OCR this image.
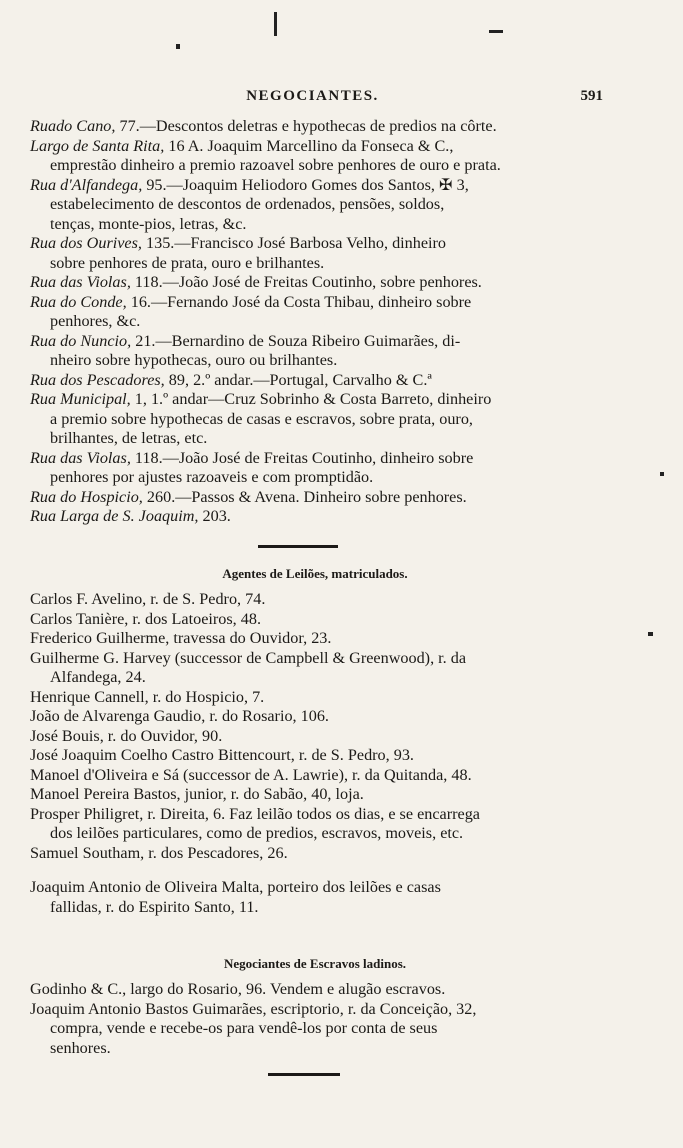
NEGOCIANTES.	591
Ruado Cano, 77.—Descontos deletras e hypothecas de predios na côrte.
Largo de Santa Rita, 16 A. Joaquim Marcellino da Fonseca & C.,
emprestão dinheiro a premio razoavel sobre penhores de ouro e prata.
Rua d'Alfandega, 95.—Joaquim Heliodoro Gomes dos Santos, ✠ 3,
estabelecimento de descontos de ordenados, pensões, soldos,
tenças, monte-pios, letras, &c.
Rua dos Ourives, 135.—Francisco José Barbosa Velho, dinheiro
sobre penhores de prata, ouro e brilhantes.
Rua das Violas, 118.—João José de Freitas Coutinho, sobre penhores.
Rua do Conde, 16.—Fernando José da Costa Thibau, dinheiro sobre
penhores, &c.
Rua do Nuncio, 21.—Bernardino de Souza Ribeiro Guimarães, di-
nheiro sobre hypothecas, ouro ou brilhantes.
Rua dos Pescadores, 89, 2.º andar.—Portugal, Carvalho & C.ª
Rua Municipal, 1, 1.º andar—Cruz Sobrinho & Costa Barreto, dinheiro
a premio sobre hypothecas de casas e escravos, sobre prata, ouro,
brilhantes, de letras, etc.
Rua das Violas, 118.—João José de Freitas Coutinho, dinheiro sobre
penhores por ajustes razoaveis e com promptidão.
Rua do Hospicio, 260.—Passos & Avena. Dinheiro sobre penhores.
Rua Larga de S. Joaquim, 203.
Agentes de Leilões, matriculados.
Carlos F. Avelino, r. de S. Pedro, 74.
Carlos Tanière, r. dos Latoeiros, 48.
Frederico Guilherme, travessa do Ouvidor, 23.
Guilherme G. Harvey (successor de Campbell & Greenwood), r. da
Alfandega, 24.
Henrique Cannell, r. do Hospicio, 7.
João de Alvarenga Gaudio, r. do Rosario, 106.
José Bouis, r. do Ouvidor, 90.
José Joaquim Coelho Castro Bittencourt, r. de S. Pedro, 93.
Manoel d'Oliveira e Sá (successor de A. Lawrie), r. da Quitanda, 48.
Manoel Pereira Bastos, junior, r. do Sabão, 40, loja.
Prosper Philigret, r. Direita, 6. Faz leilão todos os dias, e se encarrega
dos leilões particulares, como de predios, escravos, moveis, etc.
Samuel Southam, r. dos Pescadores, 26.
Joaquim Antonio de Oliveira Malta, porteiro dos leilões e casas
fallidas, r. do Espirito Santo, 11.
Negociantes de Escravos ladinos.
Godinho & C., largo do Rosario, 96. Vendem e alugão escravos.
Joaquim Antonio Bastos Guimarães, escriptorio, r. da Conceição, 32,
compra, vende e recebe-os para vendê-los por conta de seus
senhores.
